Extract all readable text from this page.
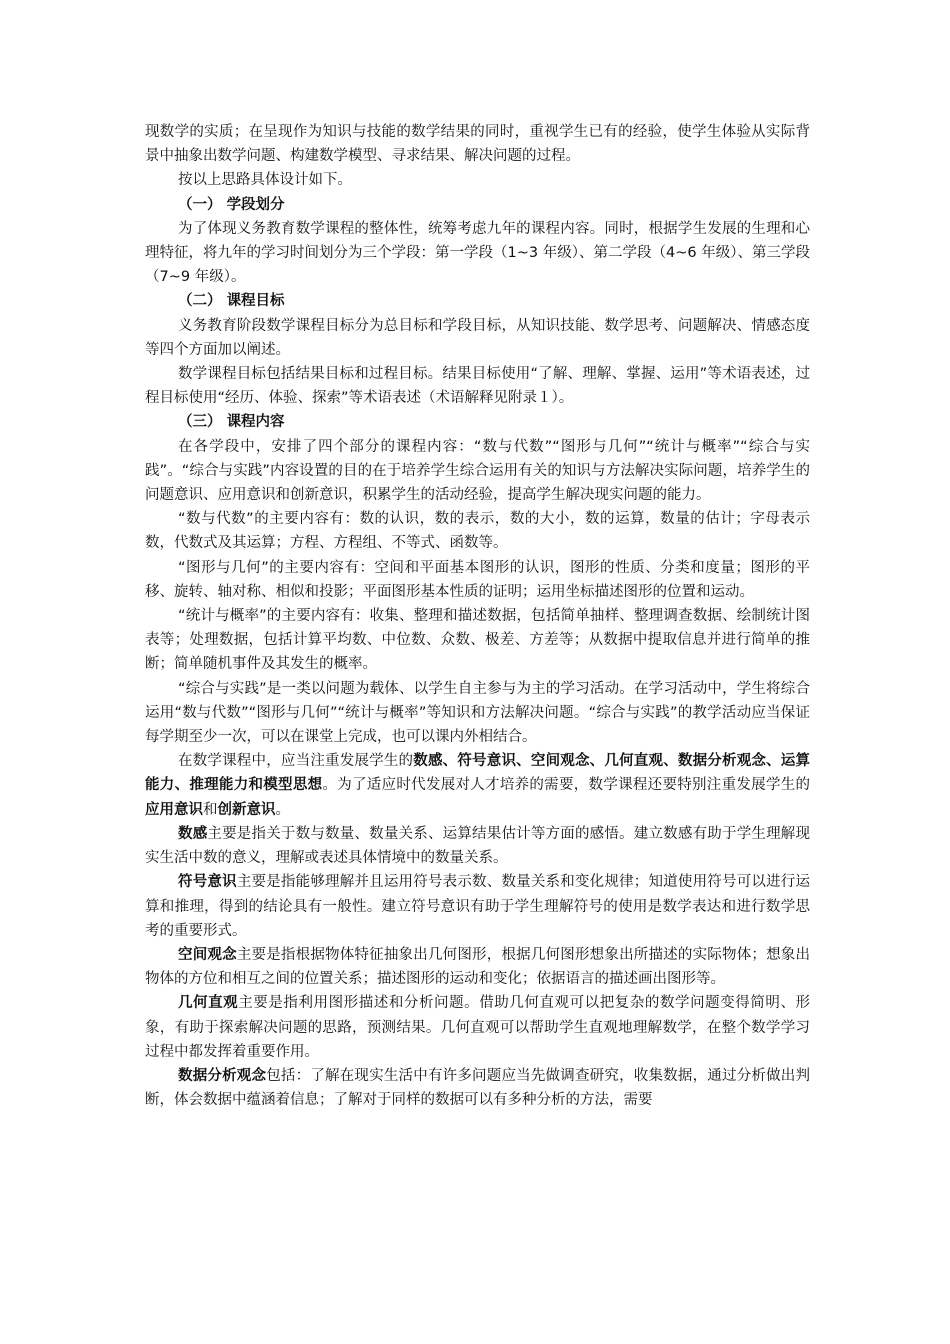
现数学的实质；在呈现作为知识与技能的数学结果的同时，重视学生已有的经验，使学生体验从实际背景中抽象出数学问题、构建数学模型、寻求结果、解决问题的过程。

按以上思路具体设计如下。

（一） 学段划分

为了体现义务教育数学课程的整体性，统筹考虑九年的课程内容。同时，根据学生发展的生理和心理特征，将九年的学习时间划分为三个学段：第一学段（1~3 年级）、第二学段（4~6 年级）、第三学段（7~9 年级）。

（二） 课程目标

义务教育阶段数学课程目标分为总目标和学段目标，从知识技能、数学思考、问题解决、情感态度等四个方面加以阐述。

数学课程目标包括结果目标和过程目标。结果目标使用“了解、理解、掌握、运用”等术语表述，过程目标使用“经历、体验、探索”等术语表述（术语解释见附录１）。

（三） 课程内容

在各学段中，安排了四个部分的课程内容：“数与代数”“图形与几何”“统计与概率”“综合与实践”。“综合与实践”内容设置的目的在于培养学生综合运用有关的知识与方法解决实际问题，培养学生的问题意识、应用意识和创新意识，积累学生的活动经验，提高学生解决现实问题的能力。

“数与代数”的主要内容有：数的认识，数的表示，数的大小，数的运算，数量的估计；字母表示数，代数式及其运算；方程、方程组、不等式、函数等。

“图形与几何”的主要内容有：空间和平面基本图形的认识，图形的性质、分类和度量；图形的平移、旋转、轴对称、相似和投影；平面图形基本性质的证明；运用坐标描述图形的位置和运动。

“统计与概率”的主要内容有：收集、整理和描述数据，包括简单抽样、整理调查数据、绘制统计图表等；处理数据，包括计算平均数、中位数、众数、极差、方差等；从数据中提取信息并进行简单的推断；简单随机事件及其发生的概率。

“综合与实践”是一类以问题为载体、以学生自主参与为主的学习活动。在学习活动中，学生将综合运用“数与代数”“图形与几何”“统计与概率”等知识和方法解决问题。“综合与实践”的教学活动应当保证每学期至少一次，可以在课堂上完成，也可以课内外相结合。

在数学课程中，应当注重发展学生的数感、符号意识、空间观念、几何直观、数据分析观念、运算能力、推理能力和模型思想。为了适应时代发展对人才培养的需要，数学课程还要特别注重发展学生的应用意识和创新意识。

数感主要是指关于数与数量、数量关系、运算结果估计等方面的感悟。建立数感有助于学生理解现实生活中数的意义，理解或表述具体情境中的数量关系。

符号意识主要是指能够理解并且运用符号表示数、数量关系和变化规律；知道使用符号可以进行运算和推理，得到的结论具有一般性。建立符号意识有助于学生理解符号的使用是数学表达和进行数学思考的重要形式。

空间观念主要是指根据物体特征抽象出几何图形，根据几何图形想象出所描述的实际物体；想象出物体的方位和相互之间的位置关系；描述图形的运动和变化；依据语言的描述画出图形等。

几何直观主要是指利用图形描述和分析问题。借助几何直观可以把复杂的数学问题变得简明、形象，有助于探索解决问题的思路，预测结果。几何直观可以帮助学生直观地理解数学，在整个数学学习过程中都发挥着重要作用。

数据分析观念包括：了解在现实生活中有许多问题应当先做调查研究，收集数据，通过分析做出判断，体会数据中蕴涵着信息；了解对于同样的数据可以有多种分析的方法，需要
